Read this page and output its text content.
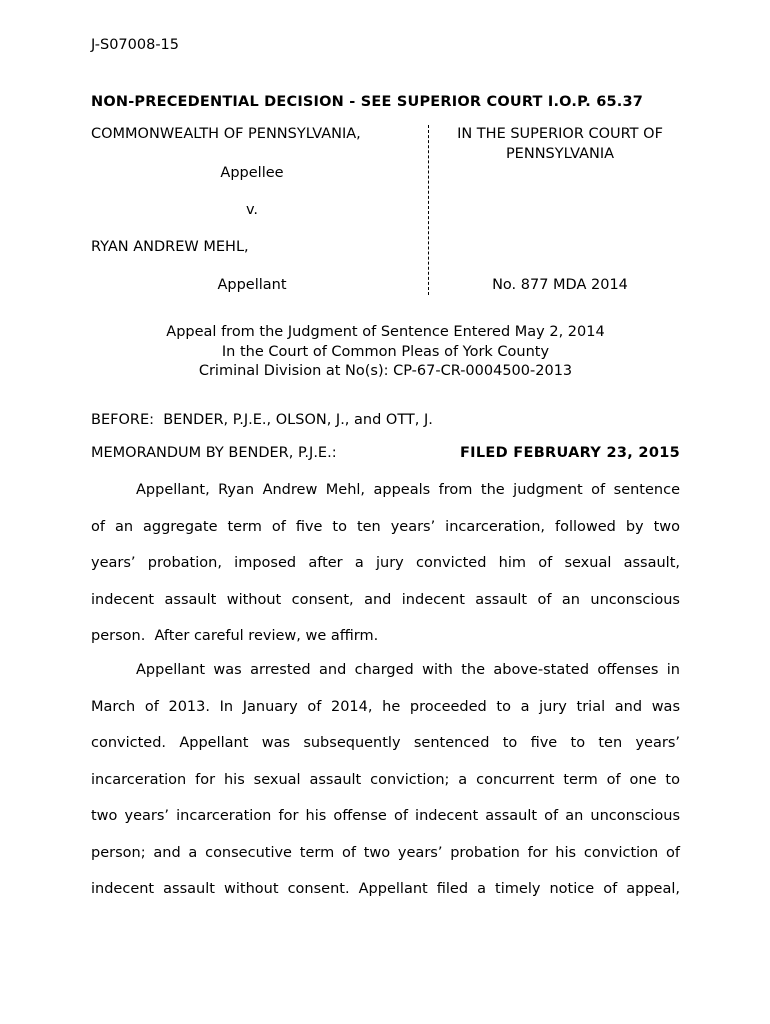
J-S07008-15
NON-PRECEDENTIAL DECISION - SEE SUPERIOR COURT I.O.P. 65.37
COMMONWEALTH OF PENNSYLVANIA,
Appellee
v.
RYAN ANDREW MEHL,
Appellant
IN THE SUPERIOR COURT OF
PENNSYLVANIA
No. 877 MDA 2014
Appeal from the Judgment of Sentence Entered May 2, 2014
In the Court of Common Pleas of York County
Criminal Division at No(s): CP-67-CR-0004500-2013
BEFORE:  BENDER, P.J.E., OLSON, J., and OTT, J.
MEMORANDUM BY BENDER, P.J.E.:	FILED FEBRUARY 23, 2015
Appellant, Ryan Andrew Mehl, appeals from the judgment of sentence
of an aggregate term of five to ten years’ incarceration, followed by two
years’ probation, imposed after a jury convicted him of sexual assault,
indecent assault without consent, and indecent assault of an unconscious
person.  After careful review, we affirm.
Appellant was arrested and charged with the above-stated offenses in
March of 2013. In January of 2014, he proceeded to a jury trial and was
convicted. Appellant was subsequently sentenced to five to ten years’
incarceration for his sexual assault conviction; a concurrent term of one to
two years’ incarceration for his offense of indecent assault of an unconscious
person; and a consecutive term of two years’ probation for his conviction of
indecent assault without consent. Appellant filed a timely notice of appeal,
